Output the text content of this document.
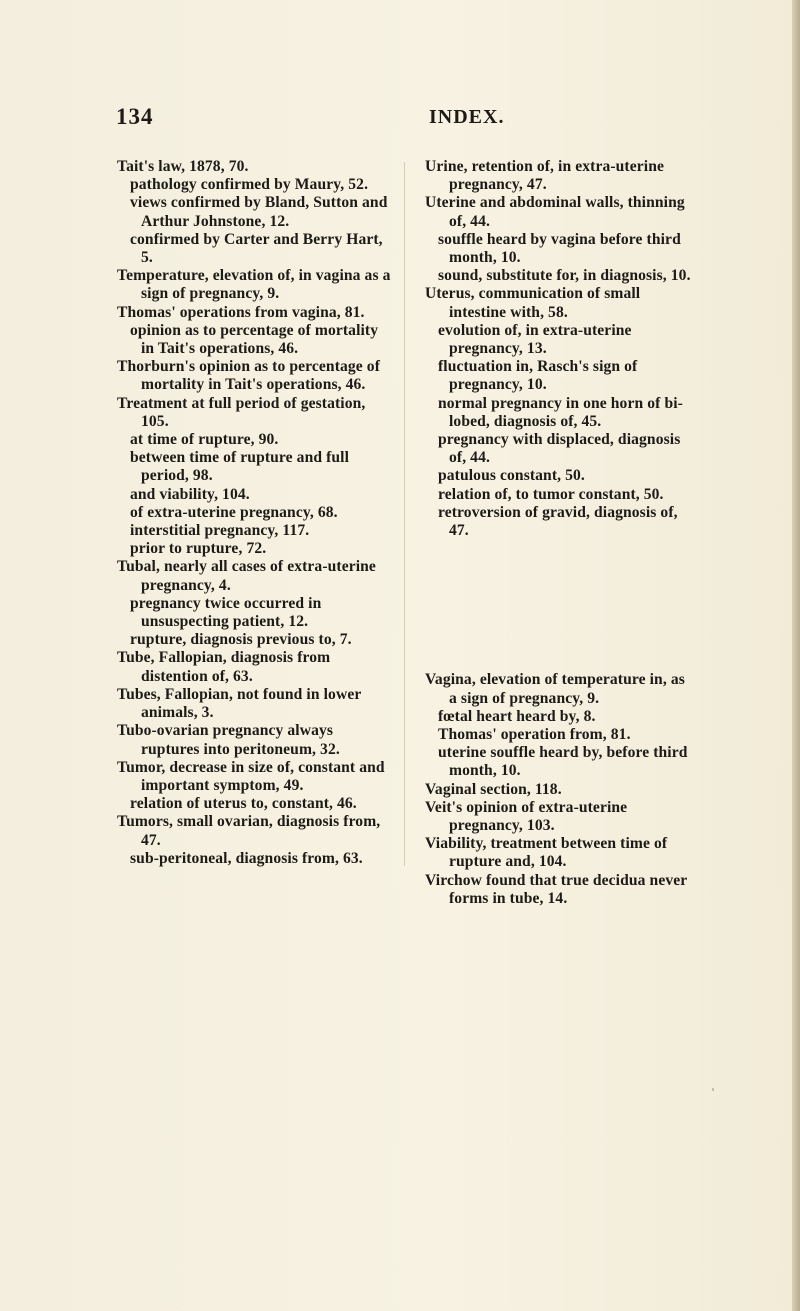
134	INDEX.

Tait's law, 1878, 70.

pathology confirmed by Maury, 52.

views confirmed by Bland, Sutton and Arthur Johnstone, 12.

confirmed by Carter and Berry Hart, 5.

Temperature, elevation of, in vagina as a sign of pregnancy, 9.

Thomas' operations from vagina, 81.

opinion as to percentage of mortality in Tait's operations, 46.

Thorburn's opinion as to percentage of mortality in Tait's operations, 46.

Treatment at full period of gestation, 105.

at time of rupture, 90.

between time of rupture and full period, 98.

and viability, 104.

of extra-uterine pregnancy, 68.

interstitial pregnancy, 117.

prior to rupture, 72.

Tubal, nearly all cases of extra-uterine pregnancy, 4.

pregnancy twice occurred in unsuspecting patient, 12.

rupture, diagnosis previous to, 7.

Tube, Fallopian, diagnosis from distention of, 63.

Tubes, Fallopian, not found in lower animals, 3.

Tubo-ovarian pregnancy always ruptures into peritoneum, 32.

Tumor, decrease in size of, constant and important symptom, 49.

relation of uterus to, constant, 46.

Tumors, small ovarian, diagnosis from, 47.

sub-peritoneal, diagnosis from, 63.

Urine, retention of, in extra-uterine pregnancy, 47.

Uterine and abdominal walls, thinning of, 44.

souffle heard by vagina before third month, 10.

sound, substitute for, in diagnosis, 10.

Uterus, communication of small intestine with, 58.

evolution of, in extra-uterine pregnancy, 13.

fluctuation in, Rasch's sign of pregnancy, 10.

normal pregnancy in one horn of bi-lobed, diagnosis of, 45.

pregnancy with displaced, diagnosis of, 44.

patulous constant, 50.

relation of, to tumor constant, 50.

retroversion of gravid, diagnosis of, 47.

Vagina, elevation of temperature in, as a sign of pregnancy, 9.

fœtal heart heard by, 8.

Thomas' operation from, 81.

uterine souffle heard by, before third month, 10.

Vaginal section, 118.

Veit's opinion of extra-uterine pregnancy, 103.

Viability, treatment between time of rupture and, 104.

Virchow found that true decidua never forms in tube, 14.
